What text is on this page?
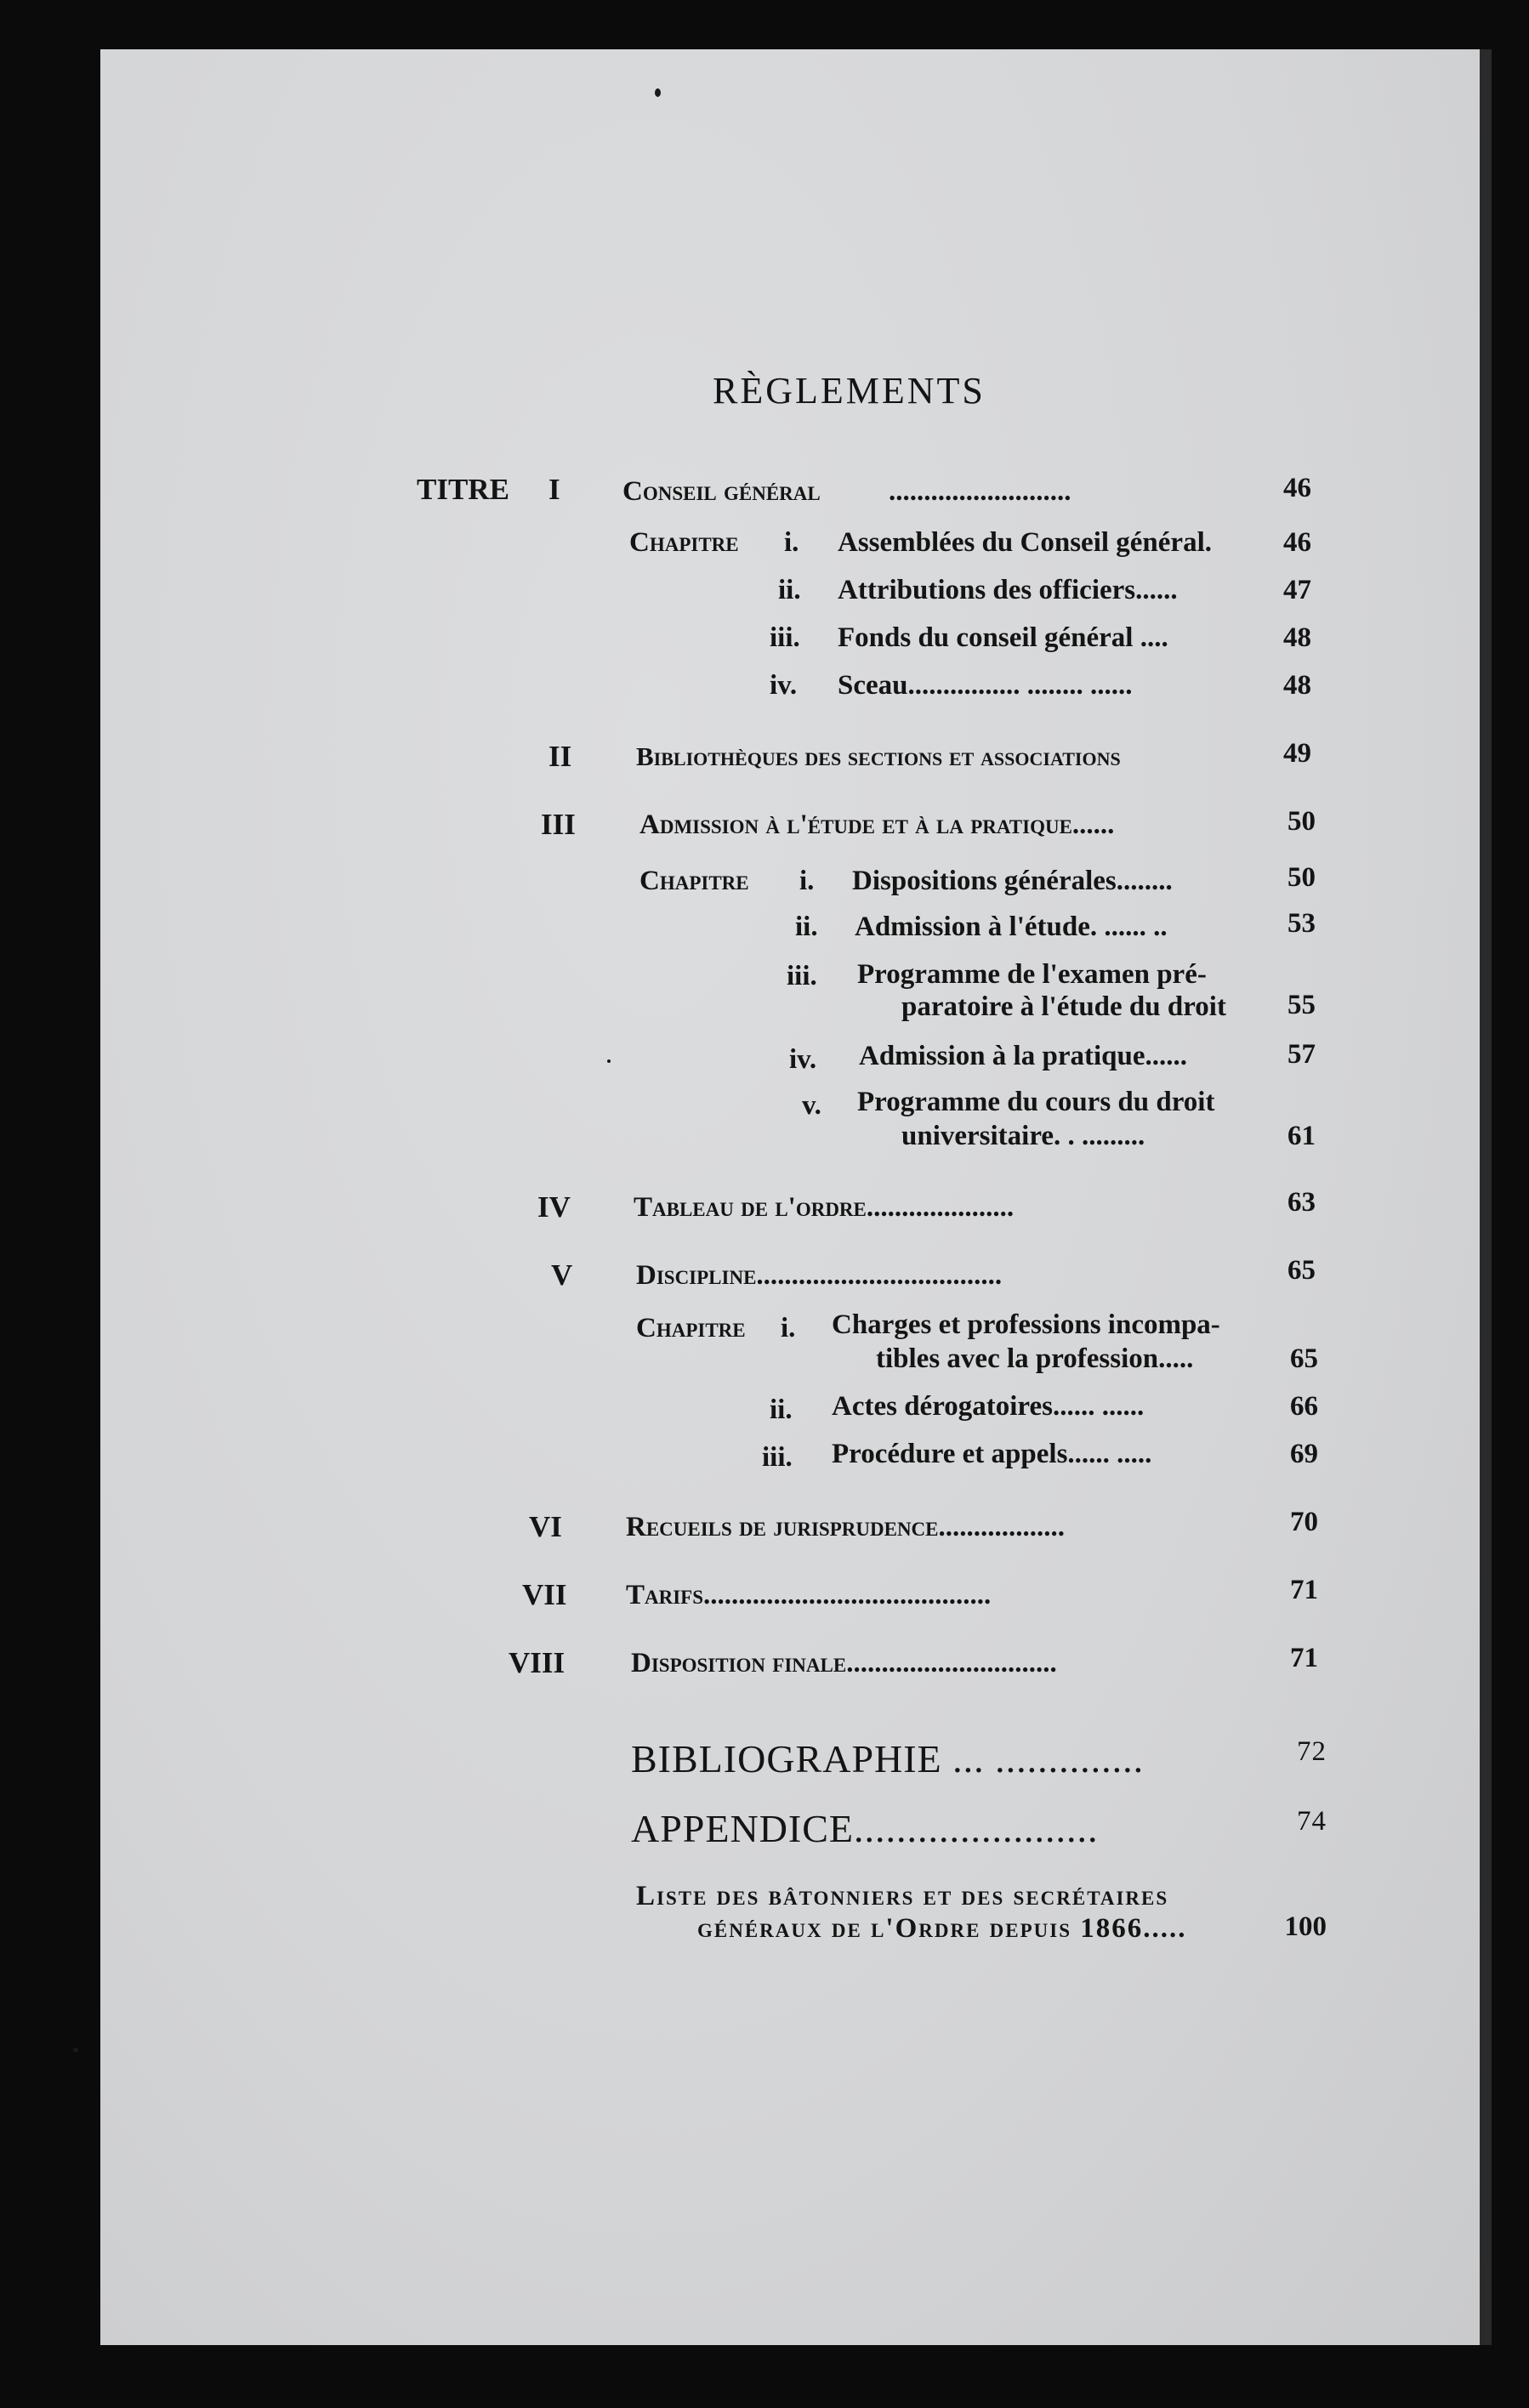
RÈGLEMENTS
TITRE I Conseil général ..........................	46
Chapitre i. Assemblées du Conseil général.	46
ii. Attributions des officiers......	47
iii. Fonds du conseil général ....	48
iv. Sceau................ ........ ......	48
II Bibliothèques des sections et associations	49
III Admission à l'étude et à la pratique......	50
Chapitre i. Dispositions générales........	50
ii. Admission à l'étude. ...... ..	53
iii. Programme de l'examen pré-
paratoire à l'étude du droit	55
iv. Admission à la pratique......	57
v. Programme du cours du droit
universitaire. . .........	61
IV Tableau de l'ordre.....................	63
V Discipline...................................	65
Chapitre i. Charges et professions incompa-
tibles avec la profession.....	65
ii. Actes dérogatoires...... ......	66
iii. Procédure et appels...... .....	69
VI Recueils de jurisprudence..................	70
VII Tarifs.........................................	71
VIII Disposition finale..............................	71
BIBLIOGRAPHIE ... ..............	72
APPENDICE.......................	74
Liste des bâtonniers et des secrétaires
généraux de l'Ordre depuis 1866.....	100
